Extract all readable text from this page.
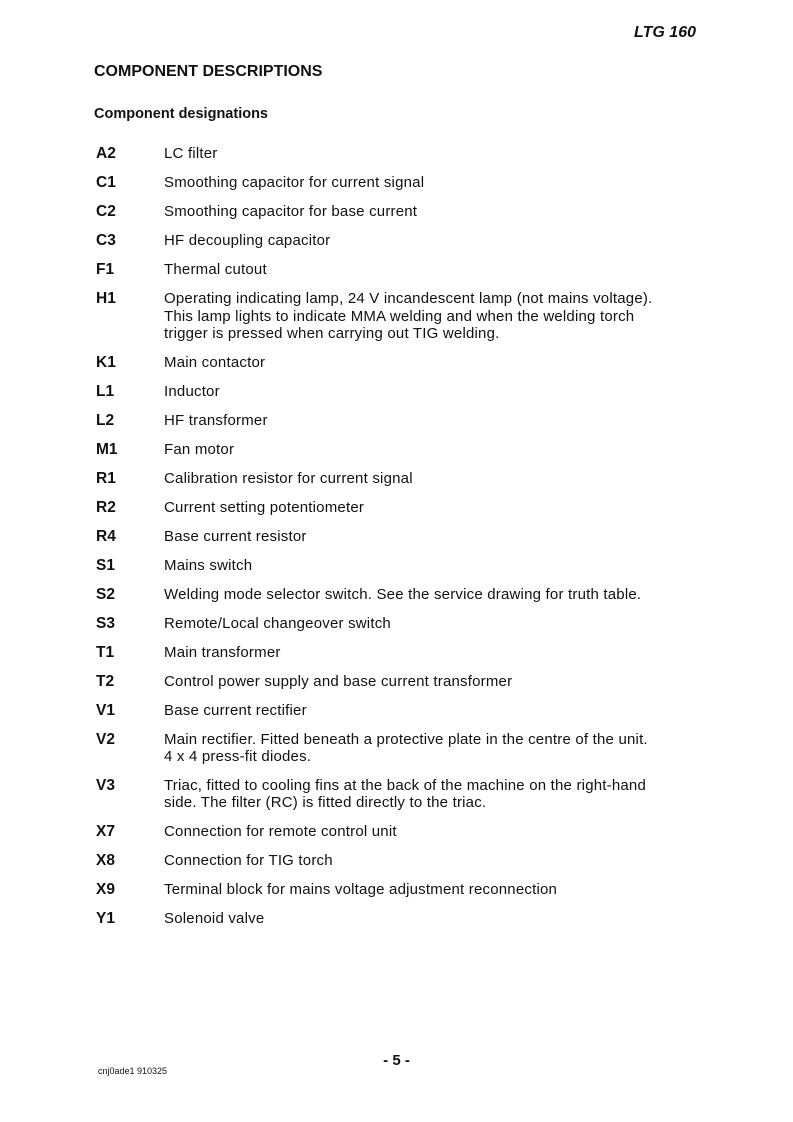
LTG 160
COMPONENT DESCRIPTIONS
Component designations
A2	LC filter
C1	Smoothing capacitor for current signal
C2	Smoothing capacitor for base current
C3	HF decoupling capacitor
F1	Thermal cutout
H1	Operating indicating lamp, 24 V incandescent lamp (not mains voltage).
This lamp lights to indicate MMA welding and when the welding torch
trigger is pressed when carrying out TIG welding.
K1	Main contactor
L1	Inductor
L2	HF transformer
M1	Fan motor
R1	Calibration resistor for current signal
R2	Current setting potentiometer
R4	Base current resistor
S1	Mains switch
S2	Welding mode selector switch. See the service drawing for truth table.
S3	Remote/Local changeover switch
T1	Main transformer
T2	Control power supply and base current transformer
V1	Base current rectifier
V2	Main rectifier. Fitted beneath a protective plate in the centre of the unit.
4 x 4 press-fit diodes.
V3	Triac, fitted to cooling fins at the back of the machine on the right-hand
side. The filter (RC) is fitted directly to the triac.
X7	Connection for remote control unit
X8	Connection for TIG torch
X9	Terminal block for mains voltage adjustment reconnection
Y1	Solenoid valve
- 5 -
cnj0ade1 910325
